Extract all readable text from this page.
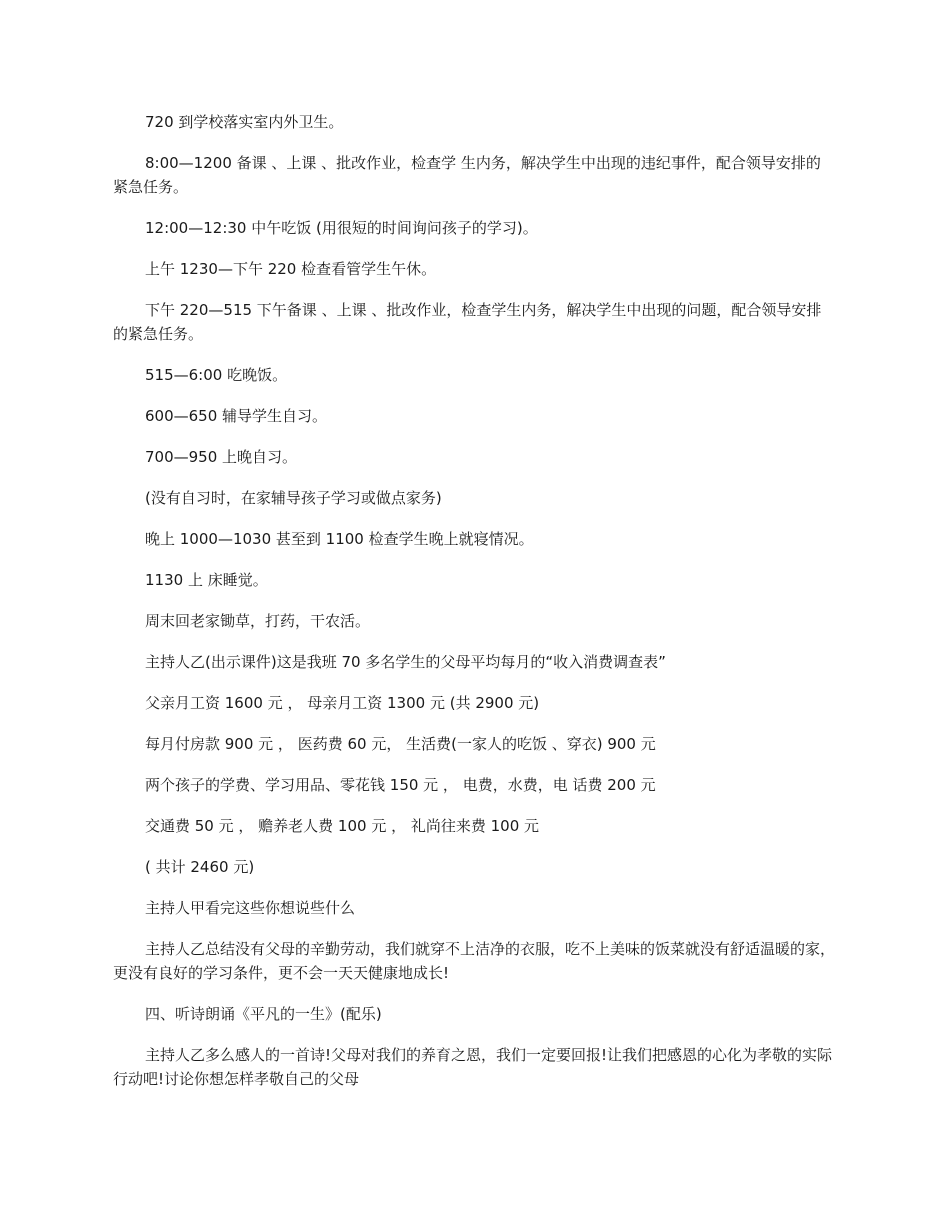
720 到学校落实室内外卫生。

8:00—1200 备课 、上课 、批改作业，检查学 生内务，解决学生中出现的违纪事件，配合领导安排的紧急任务。

12:00—12:30 中午吃饭 (用很短的时间询问孩子的学习)。

上午 1230—下午 220 检查看管学生午休。

下午 220—515 下午备课 、上课 、批改作业，检查学生内务，解决学生中出现的问题，配合领导安排的紧急任务。

515—6:00 吃晚饭。

600—650 辅导学生自习。

700—950 上晚自习。

(没有自习时，在家辅导孩子学习或做点家务)

晚上 1000—1030 甚至到 1100 检查学生晚上就寝情况。

1130 上 床睡觉。

周末回老家锄草，打药，干农活。

主持人乙(出示课件)这是我班 70 多名学生的父母平均每月的“收入消费调查表”

父亲月工资 1600 元 ， 母亲月工资 1300 元 (共 2900 元)

每月付房款 900 元 ， 医药费 60 元， 生活费(一家人的吃饭 、穿衣) 900 元

两个孩子的学费、学习用品、零花钱 150 元 ， 电费，水费，电 话费 200 元

交通费 50 元 ， 赡养老人费 100 元 ， 礼尚往来费 100 元

( 共计 2460 元)

主持人甲看完这些你想说些什么

主持人乙总结没有父母的辛勤劳动，我们就穿不上洁净的衣服，吃不上美味的饭菜就没有舒适温暖的家，更没有良好的学习条件，更不会一天天健康地成长!

四、听诗朗诵《平凡的一生》(配乐)

主持人乙多么感人的一首诗!父母对我们的养育之恩，我们一定要回报!让我们把感恩的心化为孝敬的实际行动吧!讨论你想怎样孝敬自己的父母
